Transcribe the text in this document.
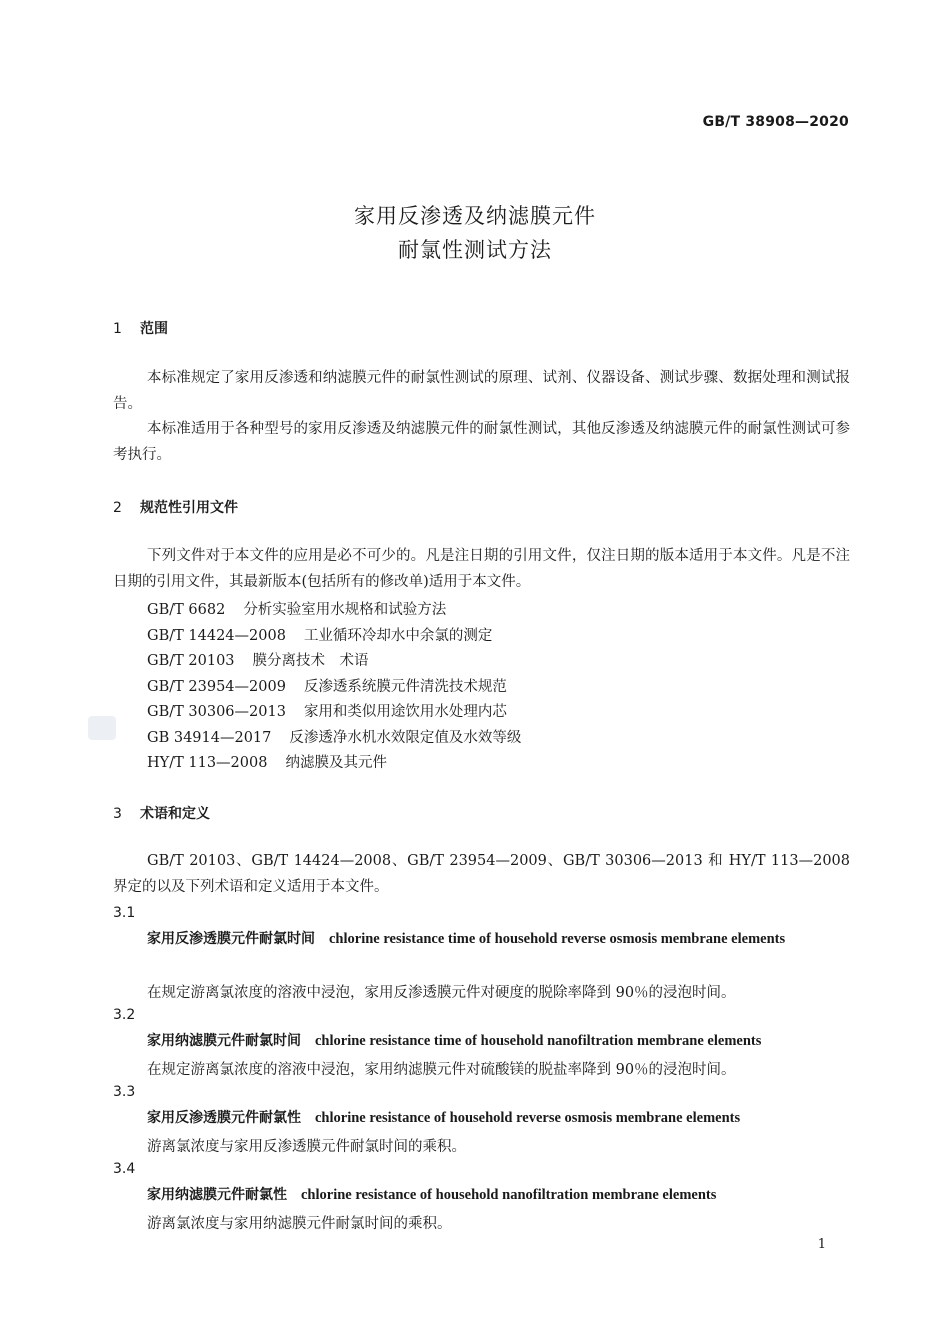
GB/T 38908—2020
家用反渗透及纳滤膜元件
耐氯性测试方法
1 范围
本标准规定了家用反渗透和纳滤膜元件的耐氯性测试的原理、试剂、仪器设备、测试步骤、数据处理和测试报告。
本标准适用于各种型号的家用反渗透及纳滤膜元件的耐氯性测试，其他反渗透及纳滤膜元件的耐氯性测试可参考执行。
2 规范性引用文件
下列文件对于本文件的应用是必不可少的。凡是注日期的引用文件，仅注日期的版本适用于本文件。凡是不注日期的引用文件，其最新版本(包括所有的修改单)适用于本文件。
GB/T 6682 分析实验室用水规格和试验方法
GB/T 14424—2008 工业循环冷却水中余氯的测定
GB/T 20103 膜分离技术　术语
GB/T 23954—2009 反渗透系统膜元件清洗技术规范
GB/T 30306—2013 家用和类似用途饮用水处理内芯
GB 34914—2017 反渗透净水机水效限定值及水效等级
HY/T 113—2008 纳滤膜及其元件
3 术语和定义
GB/T 20103、GB/T 14424—2008、GB/T 23954—2009、GB/T 30306—2013 和 HY/T 113—2008界定的以及下列术语和定义适用于本文件。
3.1
家用反渗透膜元件耐氯时间 chlorine resistance time of household reverse osmosis membrane elements
在规定游离氯浓度的溶液中浸泡，家用反渗透膜元件对硬度的脱除率降到 90％的浸泡时间。
3.2
家用纳滤膜元件耐氯时间 chlorine resistance time of household nanofiltration membrane elements
在规定游离氯浓度的溶液中浸泡，家用纳滤膜元件对硫酸镁的脱盐率降到 90％的浸泡时间。
3.3
家用反渗透膜元件耐氯性 chlorine resistance of household reverse osmosis membrane elements
游离氯浓度与家用反渗透膜元件耐氯时间的乘积。
3.4
家用纳滤膜元件耐氯性 chlorine resistance of household nanofiltration membrane elements
游离氯浓度与家用纳滤膜元件耐氯时间的乘积。
1
